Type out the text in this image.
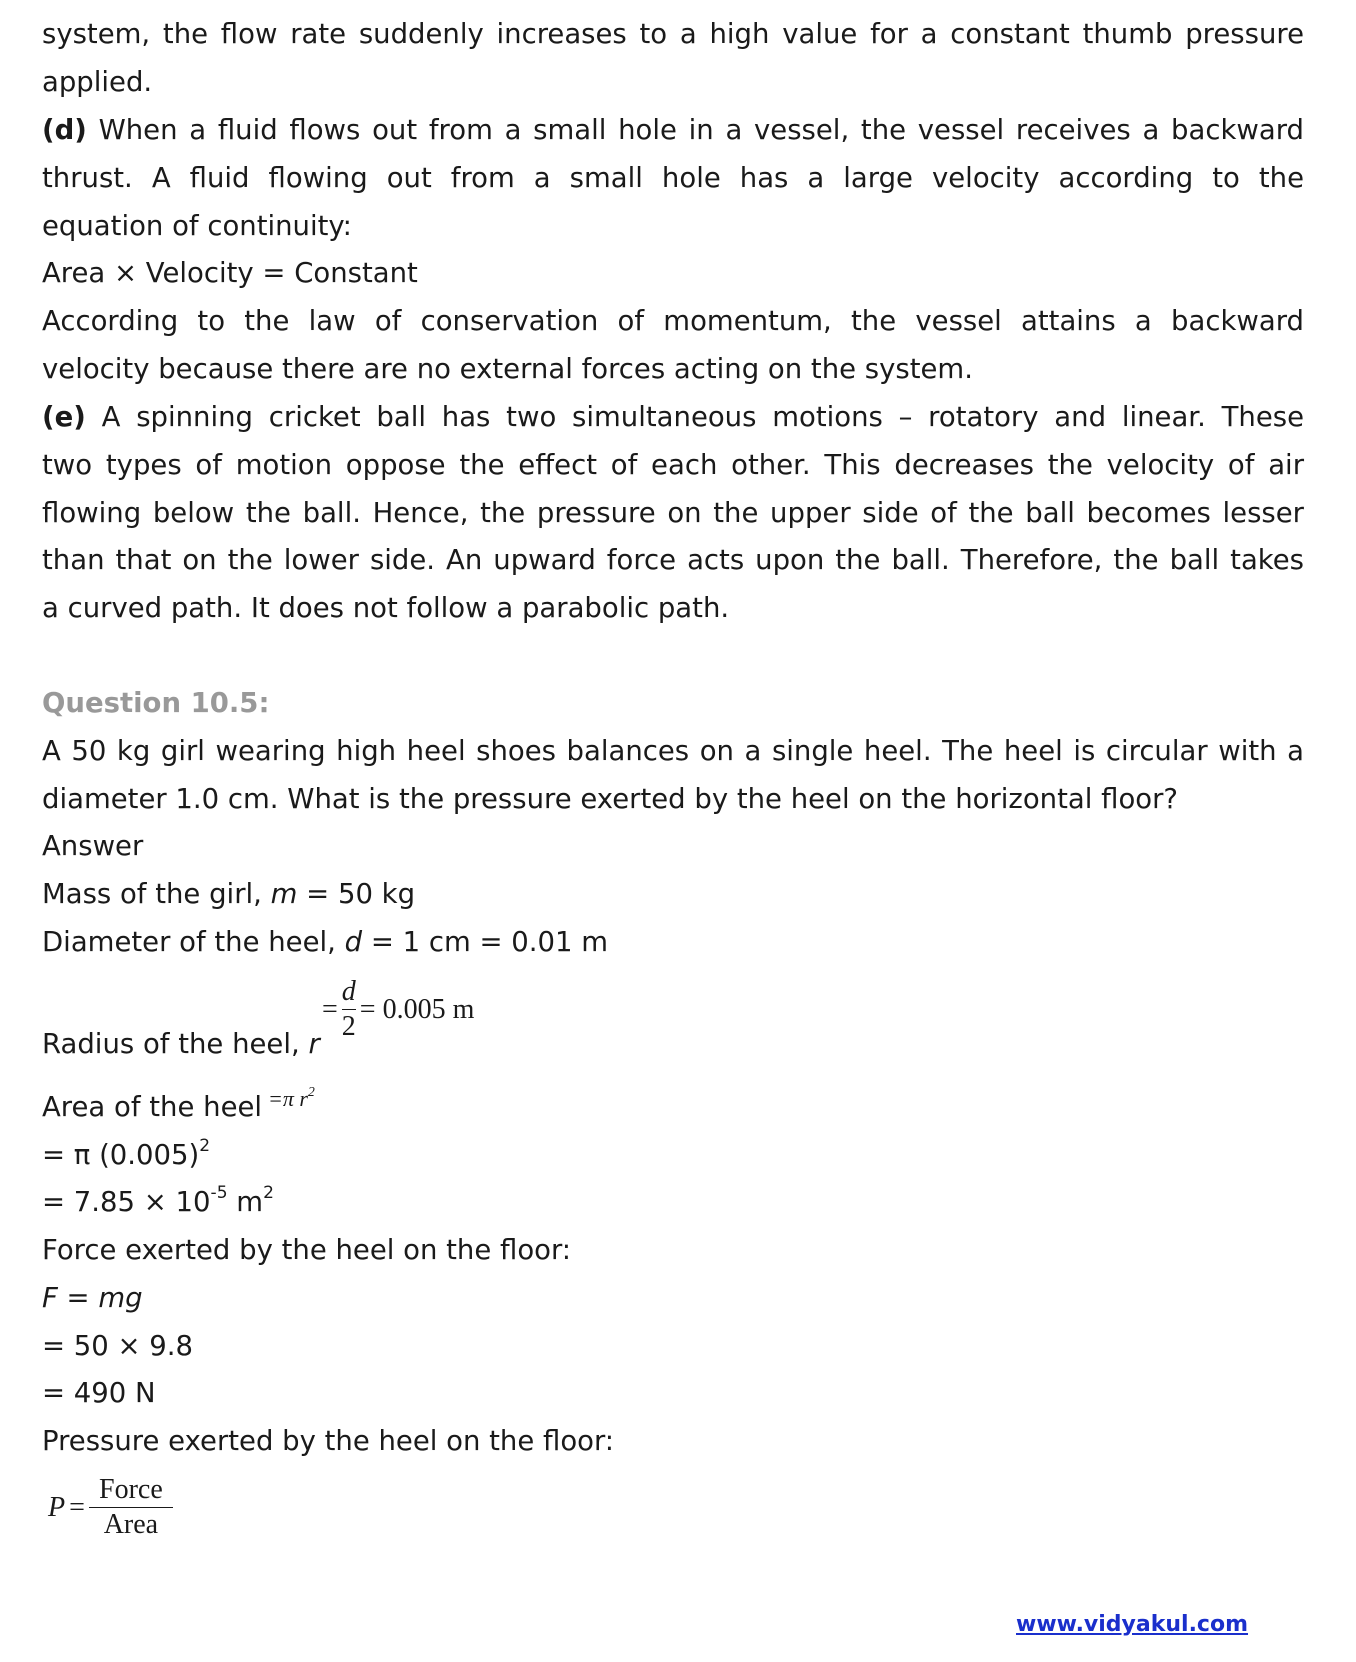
system, the flow rate suddenly increases to a high value for a constant thumb pressure
applied.
(d) When a fluid flows out from a small hole in a vessel, the vessel receives a backward
thrust. A fluid flowing out from a small hole has a large velocity according to the
equation of continuity:
Area × Velocity = Constant
According to the law of conservation of momentum, the vessel attains a backward
velocity because there are no external forces acting on the system.
(e) A spinning cricket ball has two simultaneous motions – rotatory and linear. These
two types of motion oppose the effect of each other. This decreases the velocity of air
flowing below the ball. Hence, the pressure on the upper side of the ball becomes lesser
than that on the lower side. An upward force acts upon the ball. Therefore, the ball takes
a curved path. It does not follow a parabolic path.
Question 10.5:
A 50 kg girl wearing high heel shoes balances on a single heel. The heel is circular with a
diameter 1.0 cm. What is the pressure exerted by the heel on the horizontal floor?
Answer
Mass of the girl, m = 50 kg
Diameter of the heel, d = 1 cm = 0.01 m
Radius of the heel, r
= $\frac{d}{2} = 0.005$ m
Area of the heel =π $r^2$
= π $(0.005)^2$
= $7.85 \times 10^{-5}$ $m^2$
Force exerted by the heel on the floor:
F = mg
= 50 × 9.8
= 490 N
Pressure exerted by the heel on the floor:
$P = \frac{\text{Force}}{\text{Area}}$
www.vidyakul.com
